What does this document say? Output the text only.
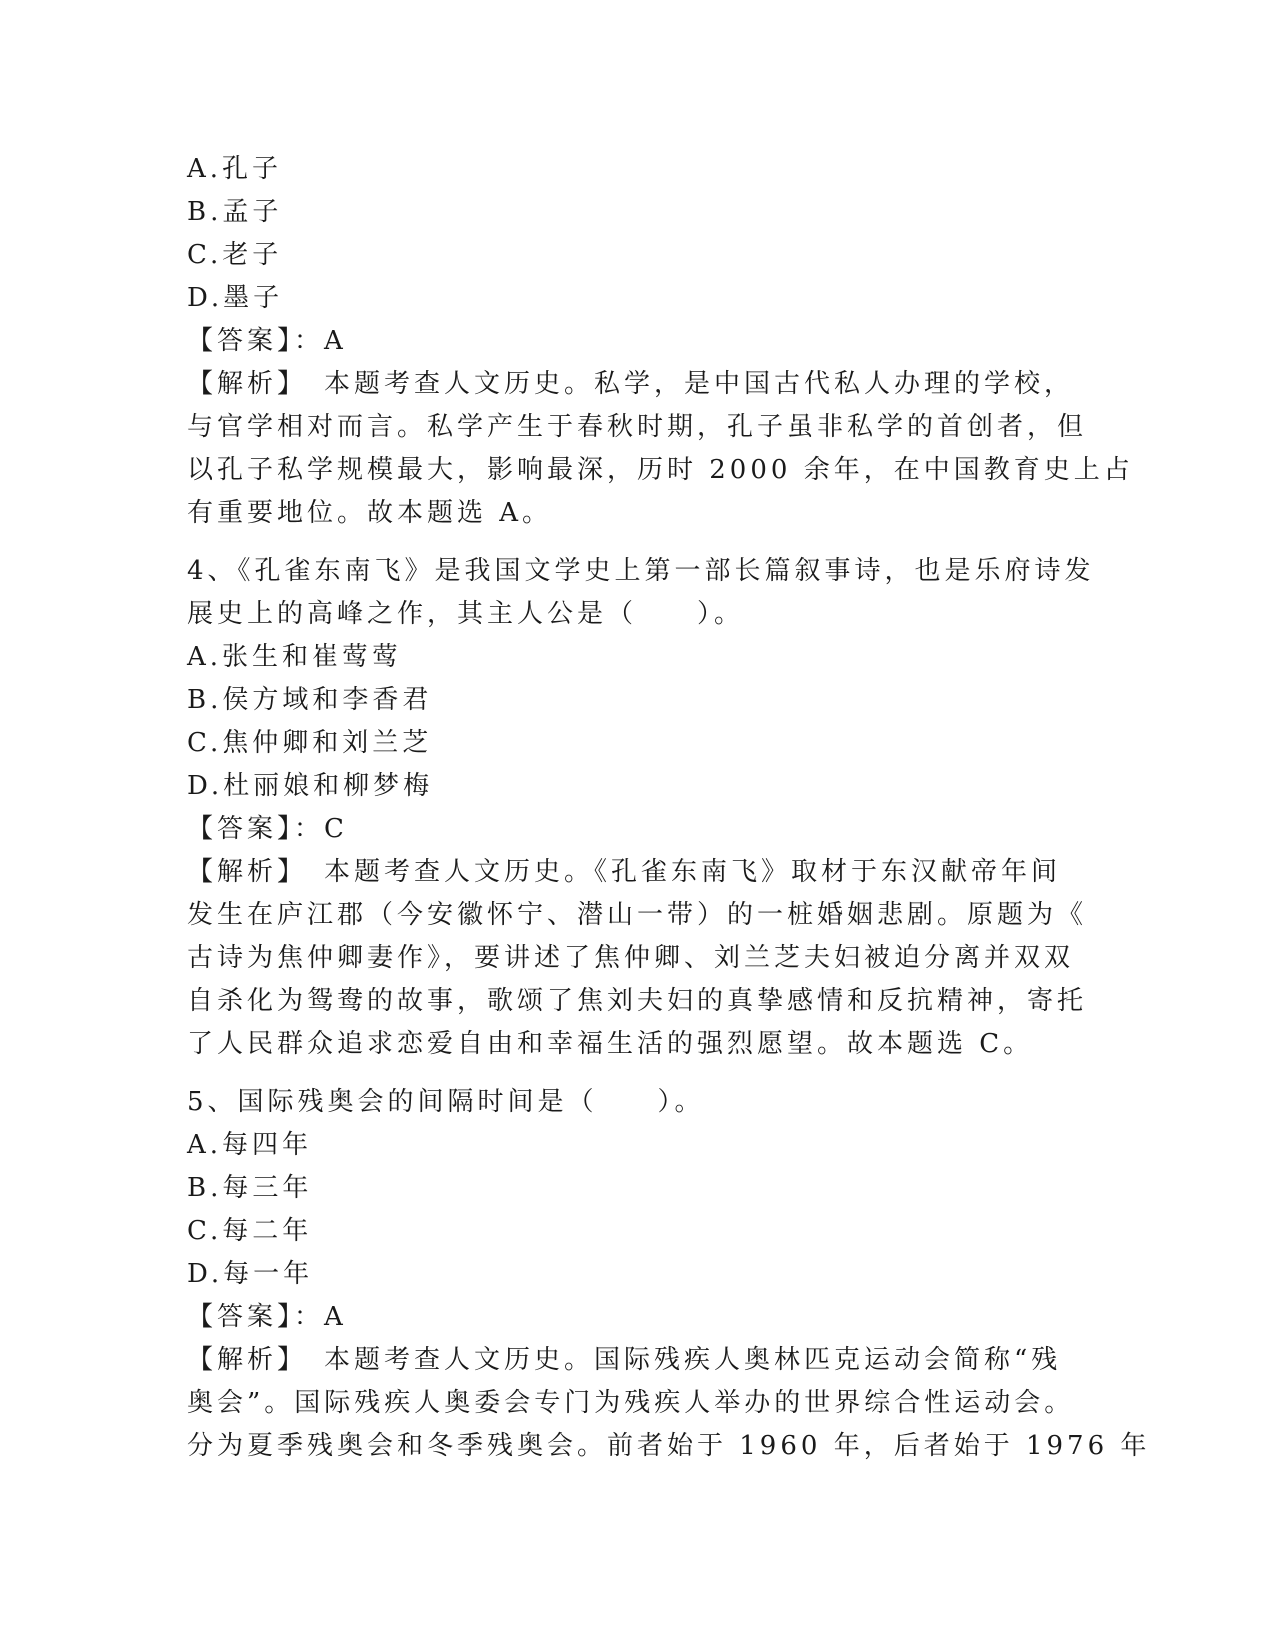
A.孔子
B.孟子
C.老子
D.墨子
【答案】：A
【解析】　本题考查人文历史。私学，是中国古代私人办理的学校，
与官学相对而言。私学产生于春秋时期，孔子虽非私学的首创者，但
以孔子私学规模最大，影响最深，历时 2000 余年，在中国教育史上占
有重要地位。故本题选 A。
4、《孔雀东南飞》是我国文学史上第一部长篇叙事诗，也是乐府诗发
展史上的高峰之作，其主人公是（　　）。
A.张生和崔莺莺
B.侯方域和李香君
C.焦仲卿和刘兰芝
D.杜丽娘和柳梦梅
【答案】：C
【解析】　本题考查人文历史。《孔雀东南飞》取材于东汉献帝年间
发生在庐江郡（今安徽怀宁、潜山一带）的一桩婚姻悲剧。原题为《
古诗为焦仲卿妻作》，要讲述了焦仲卿、刘兰芝夫妇被迫分离并双双
自杀化为鸳鸯的故事，歌颂了焦刘夫妇的真挚感情和反抗精神，寄托
了人民群众追求恋爱自由和幸福生活的强烈愿望。故本题选 C。
5、国际残奥会的间隔时间是（　　）。
A.每四年
B.每三年
C.每二年
D.每一年
【答案】：A
【解析】　本题考查人文历史。国际残疾人奥林匹克运动会简称“残
奥会”。国际残疾人奥委会专门为残疾人举办的世界综合性运动会。
分为夏季残奥会和冬季残奥会。前者始于 1960 年，后者始于 1976 年
